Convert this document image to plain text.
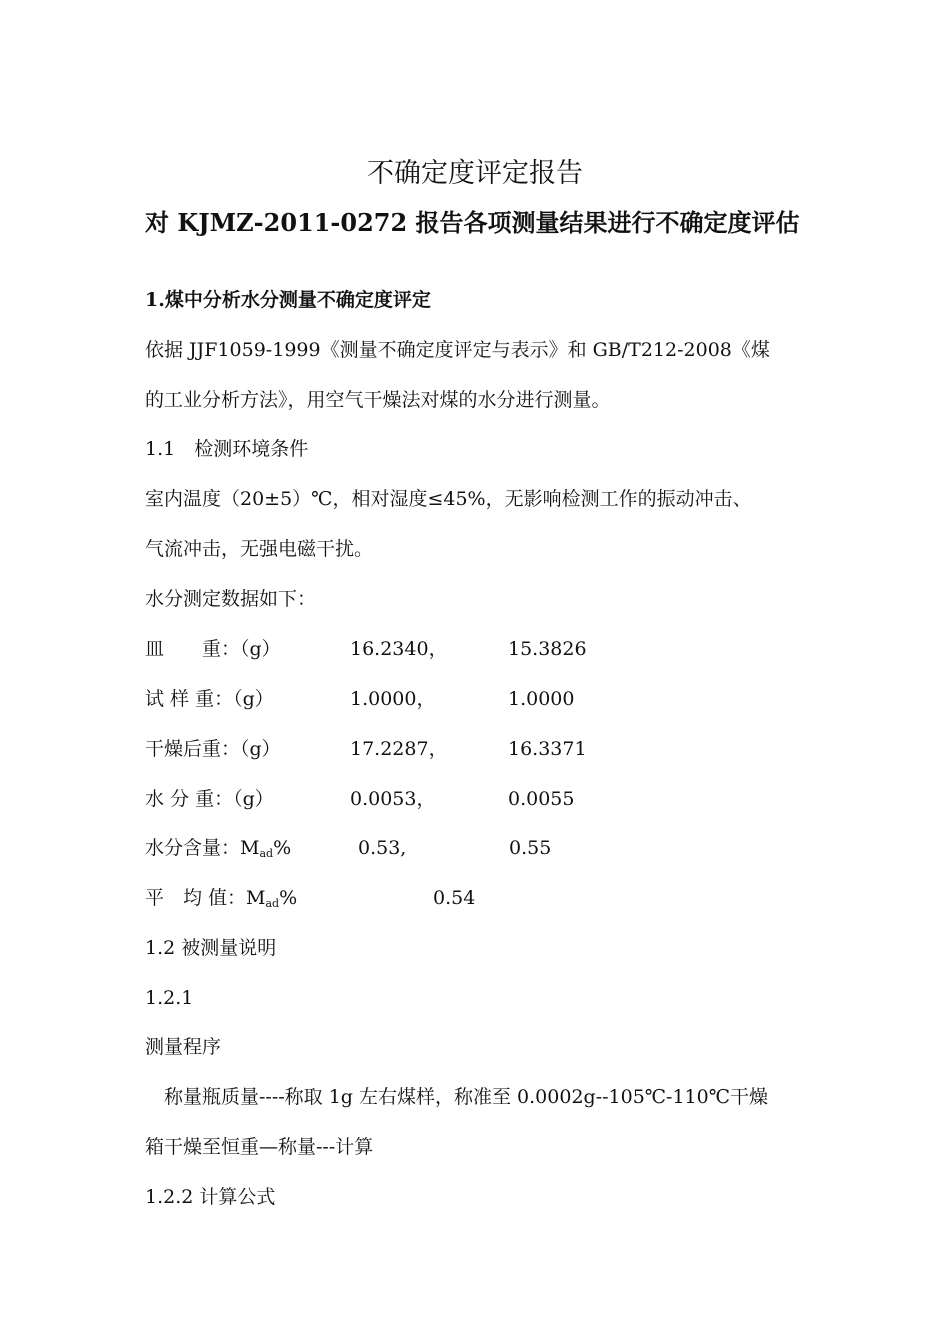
不确定度评定报告
对 KJMZ-2011-0272 报告各项测量结果进行不确定度评估
1.煤中分析水分测量不确定度评定
依据 JJF1059-1999《测量不确定度评定与表示》和 GB/T212-2008《煤
的工业分析方法》，用空气干燥法对煤的水分进行测量。
1.1　检测环境条件
室内温度（20±5）℃，相对湿度≤45%，无影响检测工作的振动冲击、
气流冲击，无强电磁干扰。
水分测定数据如下：
皿　　重：（g）	16.2340，	15.3826
试 样 重：（g）	1.0000，	1.0000
干燥后重：（g）	17.2287，	16.3371
水 分 重：（g）	0.0053，	0.0055
水分含量：$M_{ad}\%$	0.53,	0.55
平　均 值：$M_{ad}\%$	0.54
1.2 被测量说明
1.2.1
测量程序
　称量瓶质量----称取 1g 左右煤样，称准至 0.0002g--105℃-110℃干燥
箱干燥至恒重—称量---计算
1.2.2 计算公式
